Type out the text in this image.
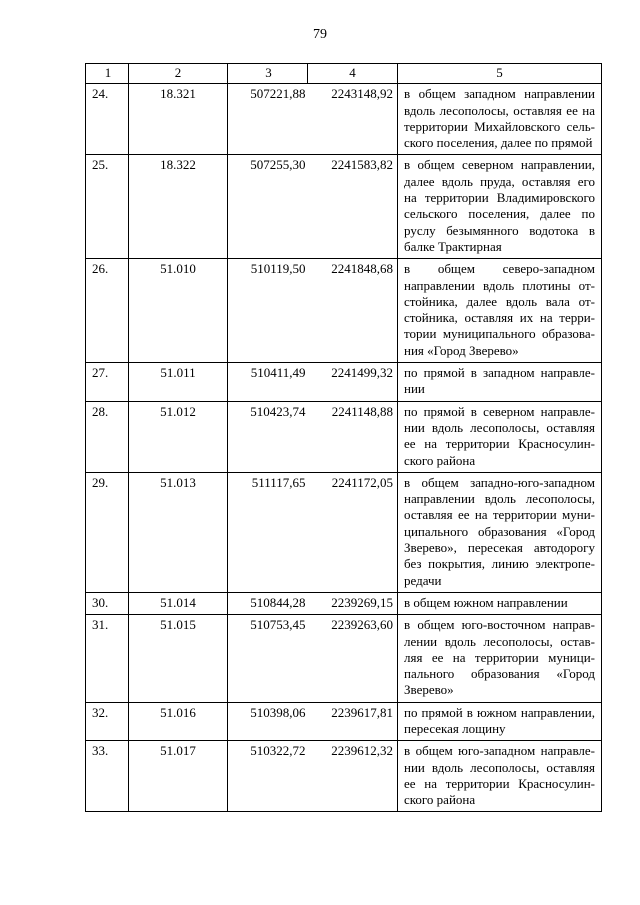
79
1	2	3	4	5
24.	18.321	507221,88	2243148,92	в общем западном направлении вдоль лесополосы, оставляя ее на территории Михайловского сель-ского поселения, далее по прямой
25.	18.322	507255,30	2241583,82	в общем северном направлении, далее вдоль пруда, оставляя его на территории Владимировского сельского поселения, далее по руслу безымянного водотока в балке Трактирная
26.	51.010	510119,50	2241848,68	в общем северо-западном направлении вдоль плотины от-стойника, далее вдоль вала от-стойника, оставляя их на терри-тории муниципального образова-ния «Город Зверево»
27.	51.011	510411,49	2241499,32	по прямой в западном направле-нии
28.	51.012	510423,74	2241148,88	по прямой в северном направле-нии вдоль лесополосы, оставляя ее на территории Красносулин-ского района
29.	51.013	511117,65	2241172,05	в общем западно-юго-западном направлении вдоль лесополосы, оставляя ее на территории муни-ципального образования «Город Зверево», пересекая автодорогу без покрытия, линию электропе-редачи
30.	51.014	510844,28	2239269,15	в общем южном направлении
31.	51.015	510753,45	2239263,60	в общем юго-восточном направ-лении вдоль лесополосы, остав-ляя ее на территории муници-пального образования «Город Зверево»
32.	51.016	510398,06	2239617,81	по прямой в южном направлении, пересекая лощину
33.	51.017	510322,72	2239612,32	в общем юго-западном направле-нии вдоль лесополосы, оставляя ее на территории Красносулин-ского района
